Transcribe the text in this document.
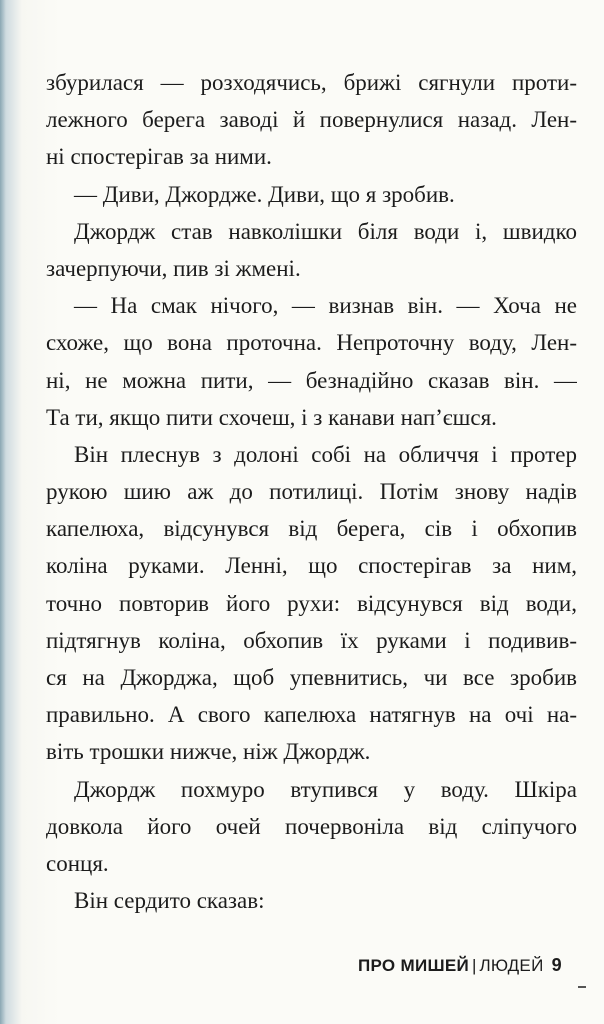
збурилася — розходячись, брижі сягнули проти-
лежного берега заводі й повернулися назад. Лен-
ні спостерігав за ними.
— Диви, Джордже. Диви, що я зробив.
Джордж став навколішки біля води і, швидко
зачерпуючи, пив зі жмені.
— На смак нічого, — визнав він. — Хоча не
схоже, що вона проточна. Непроточну воду, Лен-
ні, не можна пити, — безнадійно сказав він. —
Та ти, якщо пити схочеш, і з канави нап’єшся.
Він плеснув з долоні собі на обличчя і протер
рукою шию аж до потилиці. Потім знову надів
капелюха, відсунувся від берега, сів і обхопив
коліна руками. Ленні, що спостерігав за ним,
точно повторив його рухи: відсунувся від води,
підтягнув коліна, обхопив їх руками і подивив-
ся на Джорджа, щоб упевнитись, чи все зробив
правильно. А свого капелюха натягнув на очі на-
віть трошки нижче, ніж Джордж.
Джордж похмуро втупився у воду. Шкіра
довкола його очей почервоніла від сліпучого
сонця.
Він сердито сказав:
ПРО МИШЕЙ | ЛЮДЕЙ 9
